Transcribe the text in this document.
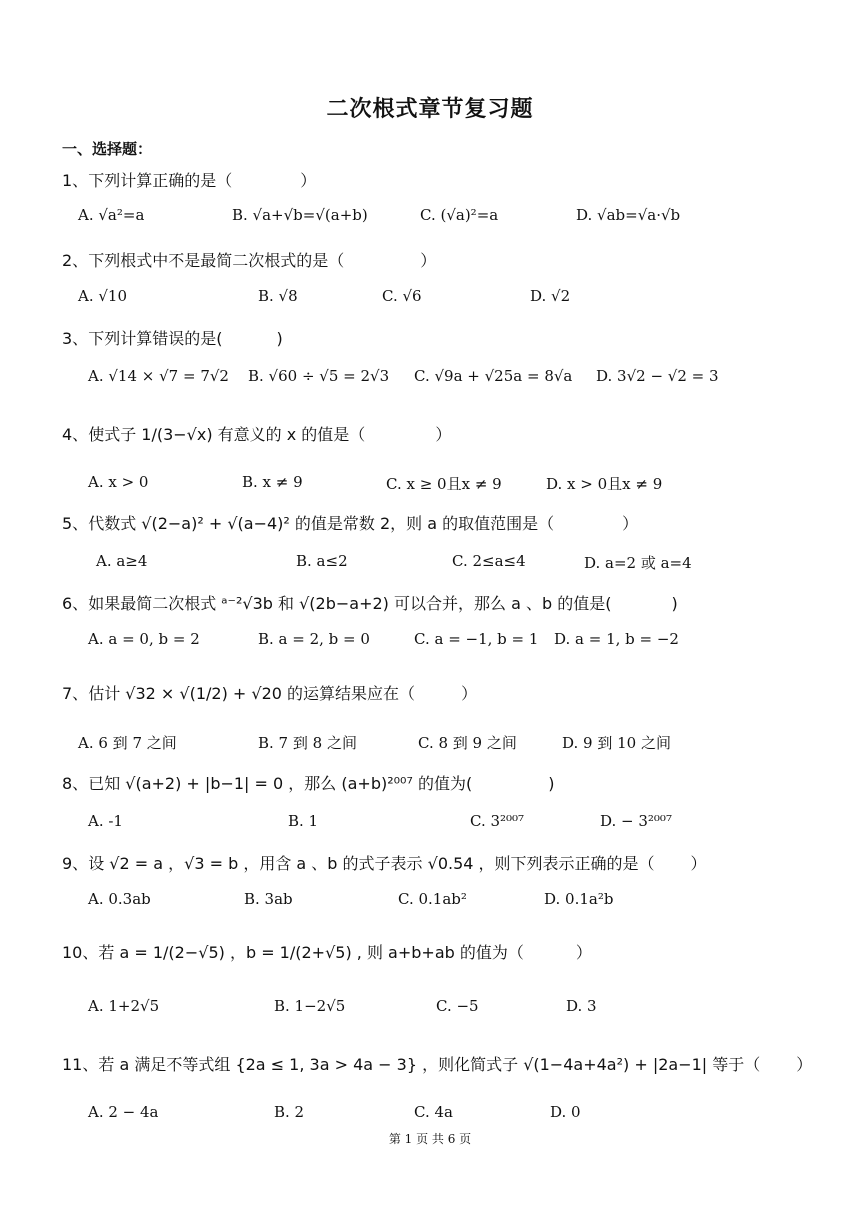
二次根式章节复习题
一、选择题：
1、下列计算正确的是（	）
A. √a²=a	B. √a+√b=√(a+b)	C. (√a)²=a	D. √ab=√a·√b
2、下列根式中不是最简二次根式的是（	）
A. √10	B. √8	C. √6	D. √2
3、下列计算错误的是(	)
A. √14 × √7 = 7√2 B. √60 ÷ √5 = 2√3 C. √9a + √25a = 8√a D. 3√2 − √2 = 3
4、使式子 1/(3−√x) 有意义的 x 的值是（	）
A. x > 0	B. x ≠ 9	C. x ≥ 0且x ≠ 9	D. x > 0且x ≠ 9
5、代数式 √(2−a)² + √(a−4)² 的值是常数 2，则 a 的取值范围是（	）
A. a≥4	B. a≤2	C. 2≤a≤4	D. a=2 或 a=4
6、如果最简二次根式 ᵃ⁻²√3b 和 √(2b−a+2) 可以合并，那么 a 、b 的值是(	)
A. a = 0, b = 2	B. a = 2, b = 0	C. a = −1, b = 1 D. a = 1, b = −2
7、估计 √32 × √(1/2) + √20 的运算结果应在（	）
A. 6 到 7 之间	B. 7 到 8 之间	C. 8 到 9 之间	D. 9 到 10 之间
8、已知 √(a+2) + |b−1| = 0 ，那么 (a+b)²⁰⁰⁷ 的值为(	)
A. -1	B. 1	C. 3²⁰⁰⁷	D. − 3²⁰⁰⁷
9、设 √2 = a ，√3 = b ，用含 a 、b 的式子表示 √0.54 ，则下列表示正确的是（ ）
A. 0.3ab	B. 3ab	C. 0.1ab²	D. 0.1a²b
10、若 a = 1/(2−√5) ，b = 1/(2+√5) , 则 a+b+ab 的值为（	）
A. 1+2√5	B. 1−2√5	C. −5	D. 3
11、若 a 满足不等式组 {2a ≤ 1, 3a > 4a − 3} ，则化简式子 √(1−4a+4a²) + |2a−1| 等于（ ）
A. 2 − 4a	B. 2	C. 4a	D. 0
第 1 页 共 6 页
